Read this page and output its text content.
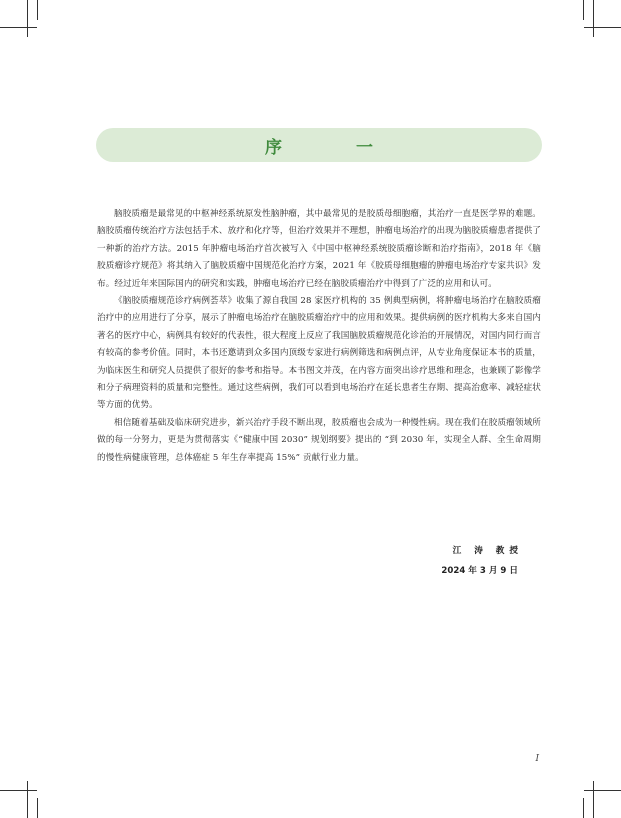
序 一

脑胶质瘤是最常见的中枢神经系统原发性脑肿瘤，其中最常见的是胶质母细胞瘤，其治疗一直是医学界的难题。脑胶质瘤传统治疗方法包括手术、放疗和化疗等，但治疗效果并不理想，肿瘤电场治疗的出现为脑胶质瘤患者提供了一种新的治疗方法。2015 年肿瘤电场治疗首次被写入《中国中枢神经系统胶质瘤诊断和治疗指南》，2018 年《脑胶质瘤诊疗规范》将其纳入了脑胶质瘤中国规范化治疗方案，2021 年《胶质母细胞瘤的肿瘤电场治疗专家共识》发布。经过近年来国际国内的研究和实践，肿瘤电场治疗已经在脑胶质瘤治疗中得到了广泛的应用和认可。

《脑胶质瘤规范诊疗病例荟萃》收集了源自我国 28 家医疗机构的 35 例典型病例，将肿瘤电场治疗在脑胶质瘤治疗中的应用进行了分享，展示了肿瘤电场治疗在脑胶质瘤治疗中的应用和效果。提供病例的医疗机构大多来自国内著名的医疗中心，病例具有较好的代表性，很大程度上反应了我国脑胶质瘤规范化诊治的开展情况，对国内同行而言有较高的参考价值。同时，本书还邀请到众多国内顶级专家进行病例筛选和病例点评，从专业角度保证本书的质量，为临床医生和研究人员提供了很好的参考和指导。本书图文并茂，在内容方面突出诊疗思维和理念，也兼顾了影像学和分子病理资料的质量和完整性。通过这些病例，我们可以看到电场治疗在延长患者生存期、提高治愈率、减轻症状等方面的优势。

相信随着基础及临床研究进步，新兴治疗手段不断出现，胶质瘤也会成为一种慢性病。现在我们在胶质瘤领域所做的每一分努力，更是为贯彻落实《“健康中国 2030” 规划纲要》提出的 “到 2030 年，实现全人群、全生命周期的慢性病健康管理，总体癌症 5 年生存率提高 15%” 贡献行业力量。

江 涛 教授
2024 年 3 月 9 日
I
